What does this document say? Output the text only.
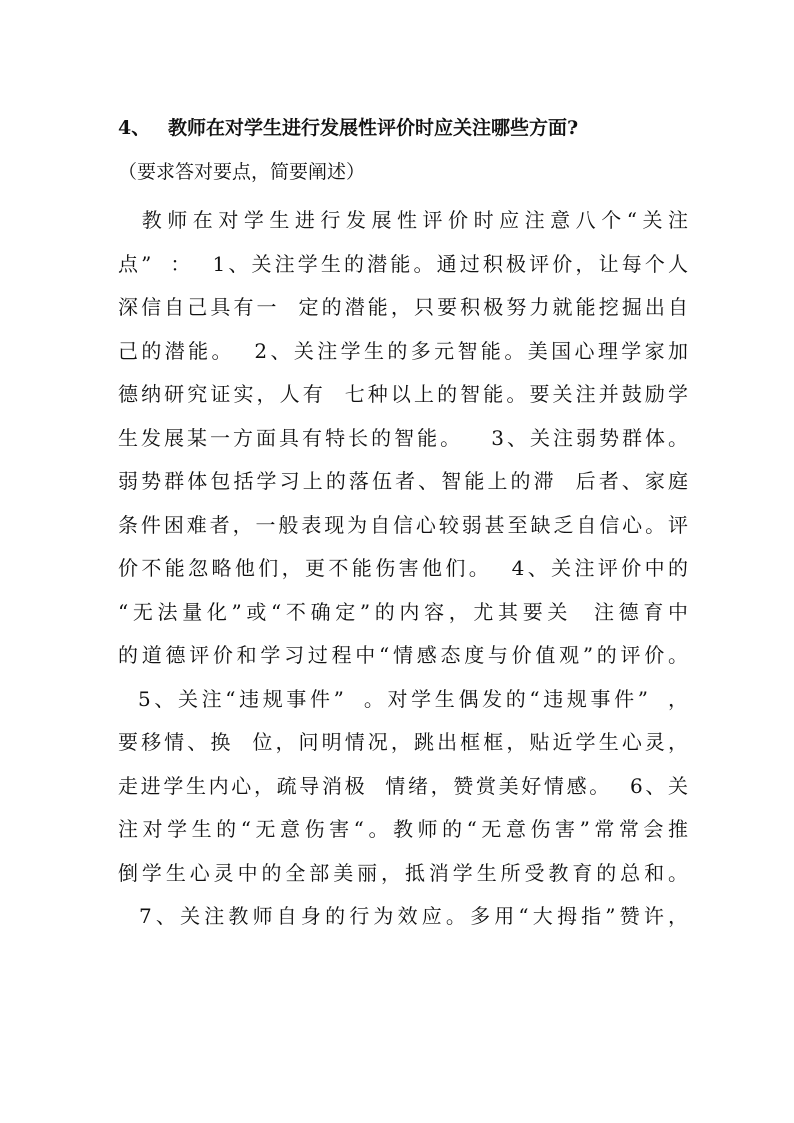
4、 教师在对学生进行发展性评价时应关注哪些方面?
（要求答对要点，简要阐述）
教师在对学生进行发展性评价时应注意八个“关注
点”  ：  1、关注学生的潜能。通过积极评价，让每个人
深信自己具有一  定的潜能，只要积极努力就能挖掘出自
己的潜能。  2、关注学生的多元智能。美国心理学家加
德纳研究证实，人有  七种以上的智能。要关注并鼓励学
生发展某一方面具有特长的智能。   3、关注弱势群体。
弱势群体包括学习上的落伍者、智能上的滞  后者、家庭
条件困难者，一般表现为自信心较弱甚至缺乏自信心。评
价不能忽略他们，更不能伤害他们。  4、关注评价中的
“无法量化”或“不确定”的内容，尤其要关  注德育中
的道德评价和学习过程中“情感态度与价值观”的评价。
5、关注“违规事件”  。对学生偶发的“违规事件”  ，
要移情、换  位，问明情况，跳出框框，贴近学生心灵，
走进学生内心，疏导消极  情绪，赞赏美好情感。  6、关
注对学生的“无意伤害“。教师的“无意伤害”常常会推
倒学生心灵中的全部美丽，抵消学生所受教育的总和。
7、关注教师自身的行为效应。多用“大拇指”赞许，
